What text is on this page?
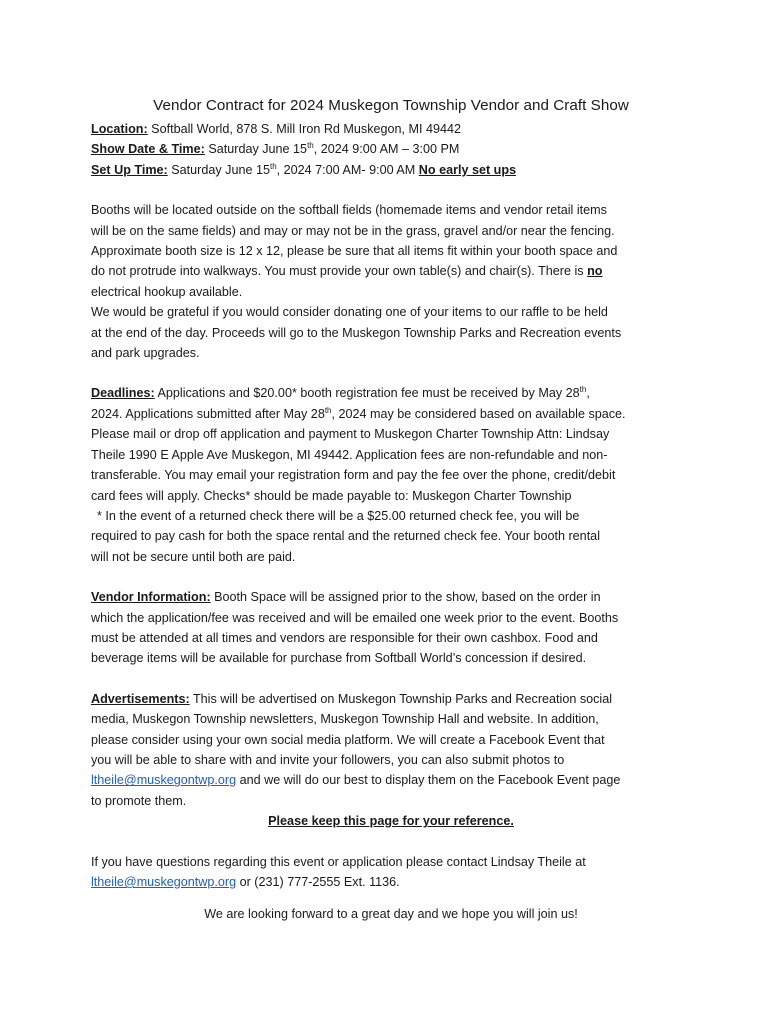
Vendor Contract for 2024 Muskegon Township Vendor and Craft Show

Location: Softball World, 878 S. Mill Iron Rd Muskegon, MI 49442

Show Date & Time: Saturday June 15th, 2024 9:00 AM – 3:00 PM

Set Up Time: Saturday June 15th, 2024 7:00 AM- 9:00 AM No early set ups

Booths will be located outside on the softball fields (homemade items and vendor retail items

will be on the same fields) and may or may not be in the grass, gravel and/or near the fencing.

Approximate booth size is 12 x 12, please be sure that all items fit within your booth space and

do not protrude into walkways. You must provide your own table(s) and chair(s). There is no

electrical hookup available.

We would be grateful if you would consider donating one of your items to our raffle to be held

at the end of the day. Proceeds will go to the Muskegon Township Parks and Recreation events

and park upgrades.

Deadlines: Applications and $20.00* booth registration fee must be received by May 28th,

2024. Applications submitted after May 28th, 2024 may be considered based on available space.

Please mail or drop off application and payment to Muskegon Charter Township Attn: Lindsay

Theile 1990 E Apple Ave Muskegon, MI 49442. Application fees are non-refundable and non-

transferable. You may email your registration form and pay the fee over the phone, credit/debit

card fees will apply. Checks* should be made payable to: Muskegon Charter Township

* In the event of a returned check there will be a $25.00 returned check fee, you will be

required to pay cash for both the space rental and the returned check fee. Your booth rental

will not be secure until both are paid.

Vendor Information: Booth Space will be assigned prior to the show, based on the order in

which the application/fee was received and will be emailed one week prior to the event. Booths

must be attended at all times and vendors are responsible for their own cashbox. Food and

beverage items will be available for purchase from Softball World’s concession if desired.

Advertisements: This will be advertised on Muskegon Township Parks and Recreation social

media, Muskegon Township newsletters, Muskegon Township Hall and website. In addition,

please consider using your own social media platform. We will create a Facebook Event that

you will be able to share with and invite your followers, you can also submit photos to

ltheile@muskegontwp.org and we will do our best to display them on the Facebook Event page

to promote them.

Please keep this page for your reference.

If you have questions regarding this event or application please contact Lindsay Theile at

ltheile@muskegontwp.org or (231) 777-2555 Ext. 1136.

We are looking forward to a great day and we hope you will join us!
